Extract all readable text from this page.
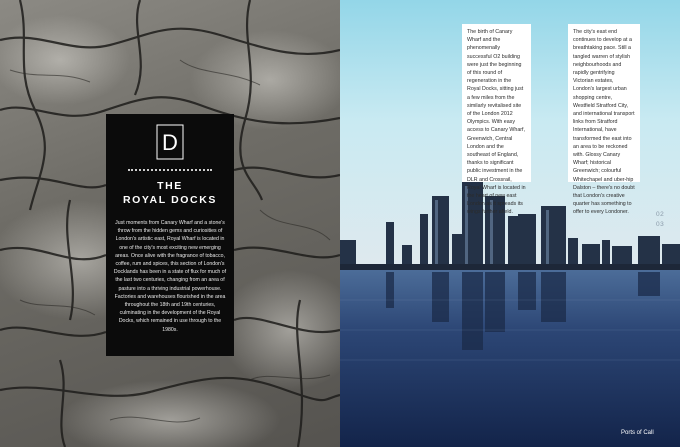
D
THE
ROYAL DOCKS

Just moments from Canary Wharf and a stone's throw from the hidden gems and curiosities of London's artistic east, Royal Wharf is located in one of the city's most exciting new emerging areas. Once alive with the fragrance of tobacco, coffee, rum and spices, this section of London's Docklands has been in a state of flux for much of the last two centuries, changing from an area of pasture into a thriving industrial powerhouse. Factories and warehouses flourished in the area throughout the 18th and 19th centuries, culminating in the development of the Royal Docks, which remained in use through to the 1980s.

The birth of Canary Wharf and the phenomenally successful O2 building were just the beginning of this round of regeneration in the Royal Docks, sitting just a few miles from the similarly revitalised site of the London 2012 Olympics. With easy access to Canary Wharf, Greenwich, Central London and the southeast of England, thanks to significant public investment in the DLR and Crossrail, Royal Wharf is located in the heart of new east London as it spreads its wings further afield.

The city's east end continues to develop at a breathtaking pace. Still a tangled warren of stylish neighbourhoods and rapidly gentrifying Victorian estates, London's largest urban shopping centre, Westfield Stratford City, and international transport links from Stratford International, have transformed the east into an area to be reckoned with. Glossy Canary Wharf; historical Greenwich; colourful Whitechapel and uber-hip Dalston – there's no doubt that London's creative quarter has something to offer to every Londoner.	02
03
Ports of Call
